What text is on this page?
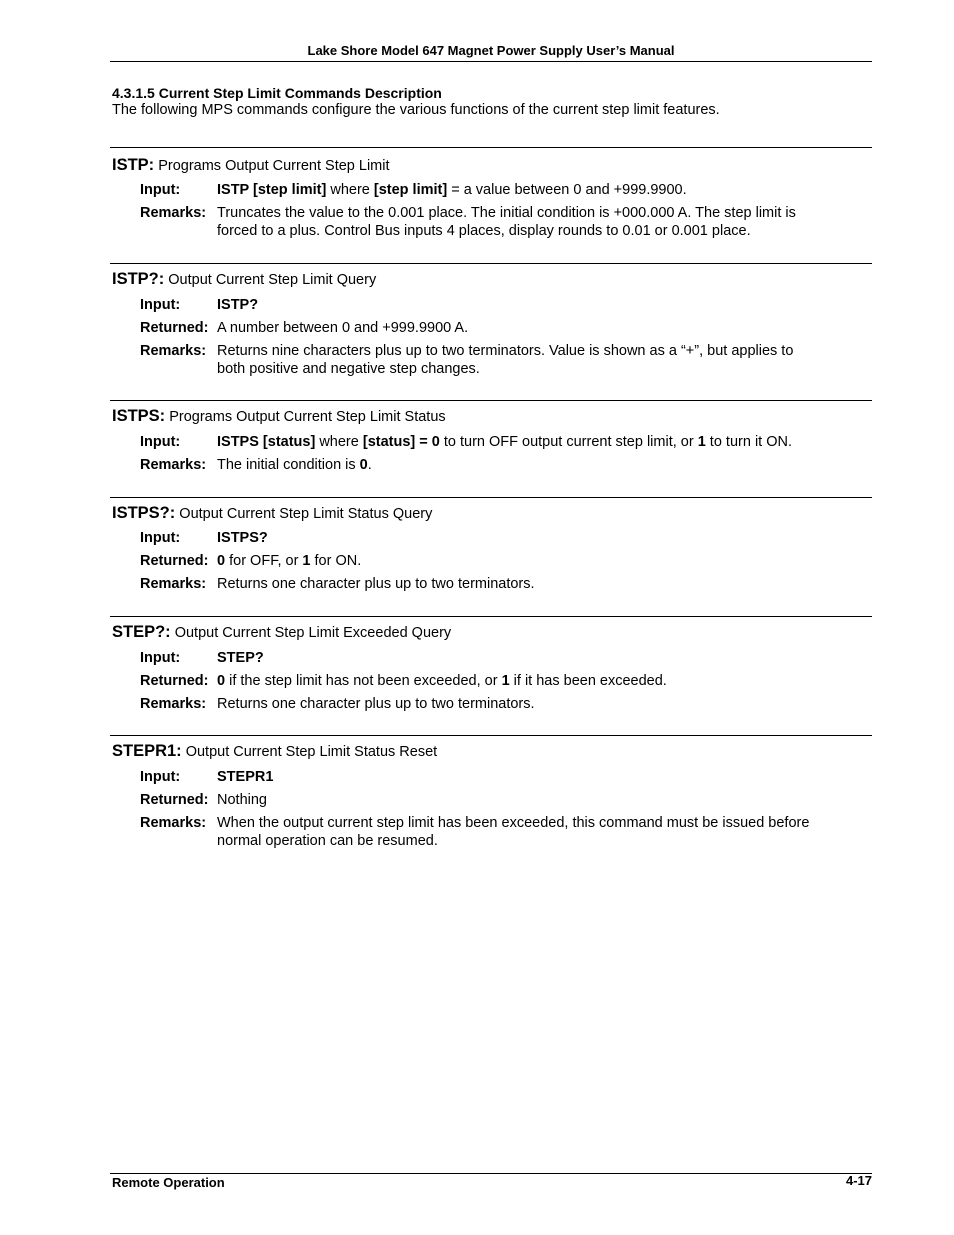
Lake Shore Model 647 Magnet Power Supply User’s Manual
4.3.1.5 Current Step Limit Commands Description
The following MPS commands configure the various functions of the current step limit features.
ISTP: Programs Output Current Step Limit
Input:	ISTP [step limit] where [step limit] = a value between 0 and +999.9900.
Remarks: Truncates the value to the 0.001 place. The initial condition is +000.000 A. The step limit is
forced to a plus. Control Bus inputs 4 places, display rounds to 0.01 or 0.001 place.
ISTP?: Output Current Step Limit Query
Input:	ISTP?
Returned: A number between 0 and +999.9900 A.
Remarks: Returns nine characters plus up to two terminators. Value is shown as a “+”, but applies to
both positive and negative step changes.
ISTPS: Programs Output Current Step Limit Status
Input:	ISTPS [status] where [status] = 0 to turn OFF output current step limit, or 1 to turn it ON.
Remarks: The initial condition is 0.
ISTPS?: Output Current Step Limit Status Query
Input:	ISTPS?
Returned: 0 for OFF, or 1 for ON.
Remarks: Returns one character plus up to two terminators.
STEP?: Output Current Step Limit Exceeded Query
Input:	STEP?
Returned: 0 if the step limit has not been exceeded, or 1 if it has been exceeded.
Remarks: Returns one character plus up to two terminators.
STEPR1: Output Current Step Limit Status Reset
Input:	STEPR1
Returned: Nothing
Remarks: When the output current step limit has been exceeded, this command must be issued before
normal operation can be resumed.
Remote Operation	4-17
